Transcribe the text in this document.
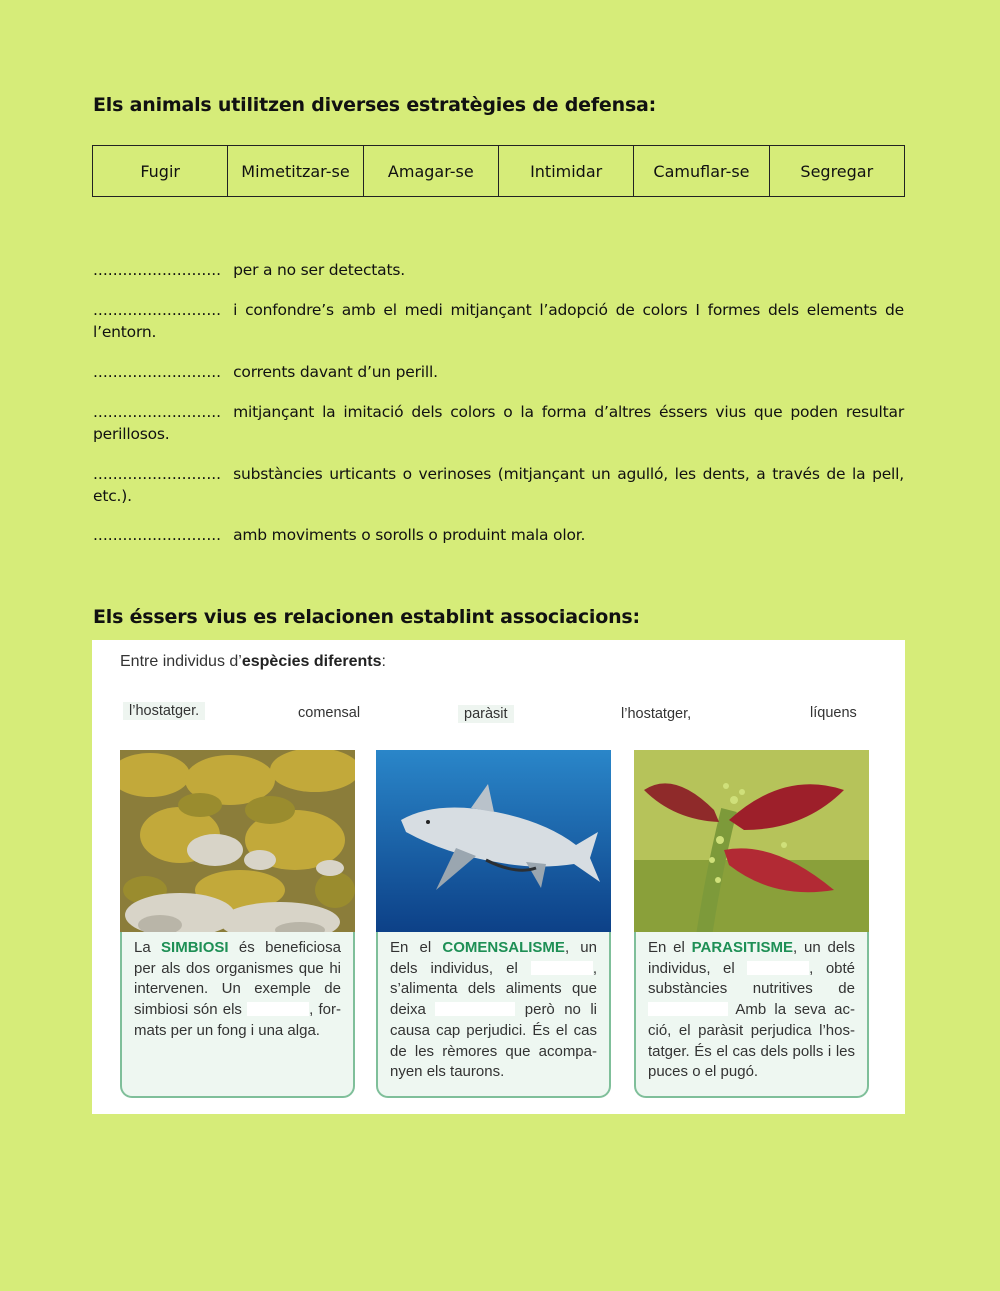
Els animals utilitzen diverses estratègies de defensa:
Fugir	Mimetitzar-se	Amagar-se	Intimidar	Camuflar-se	Segregar
.......................... per a no ser detectats.
.......................... i confondre’s amb el medi mitjançant l’adopció de colors I formes dels elements de l’entorn.
.......................... corrents davant d’un perill.
.......................... mitjançant la imitació dels colors o la forma d’altres éssers vius que poden resultar perillosos.
.......................... substàncies urticants o verinoses (mitjançant un agulló, les dents, a través de la pell, etc.).
.......................... amb moviments o sorolls o produint mala olor.
Els éssers vius es relacionen establint associacions:
Entre individus d’espècies diferents:
l’hostatger.	comensal	paràsit	l’hostatger,	líquens
La SIMBIOSI és beneficiosa per als dos organismes que hi intervenen. Un exemple de simbiosi són els	, for-mats per un fong i una alga.
En el COMENSALISME, un dels individus, el	, s’alimenta dels aliments que deixa	però no li causa cap perjudici. És el cas de les rèmores que acompa-nyen els taurons.
En el PARASITISME, un dels individus, el	, obté substàncies nutritives de  Amb la seva ac-ció, el paràsit perjudica l’hos-tatger. És el cas dels polls i les puces o el pugó.
